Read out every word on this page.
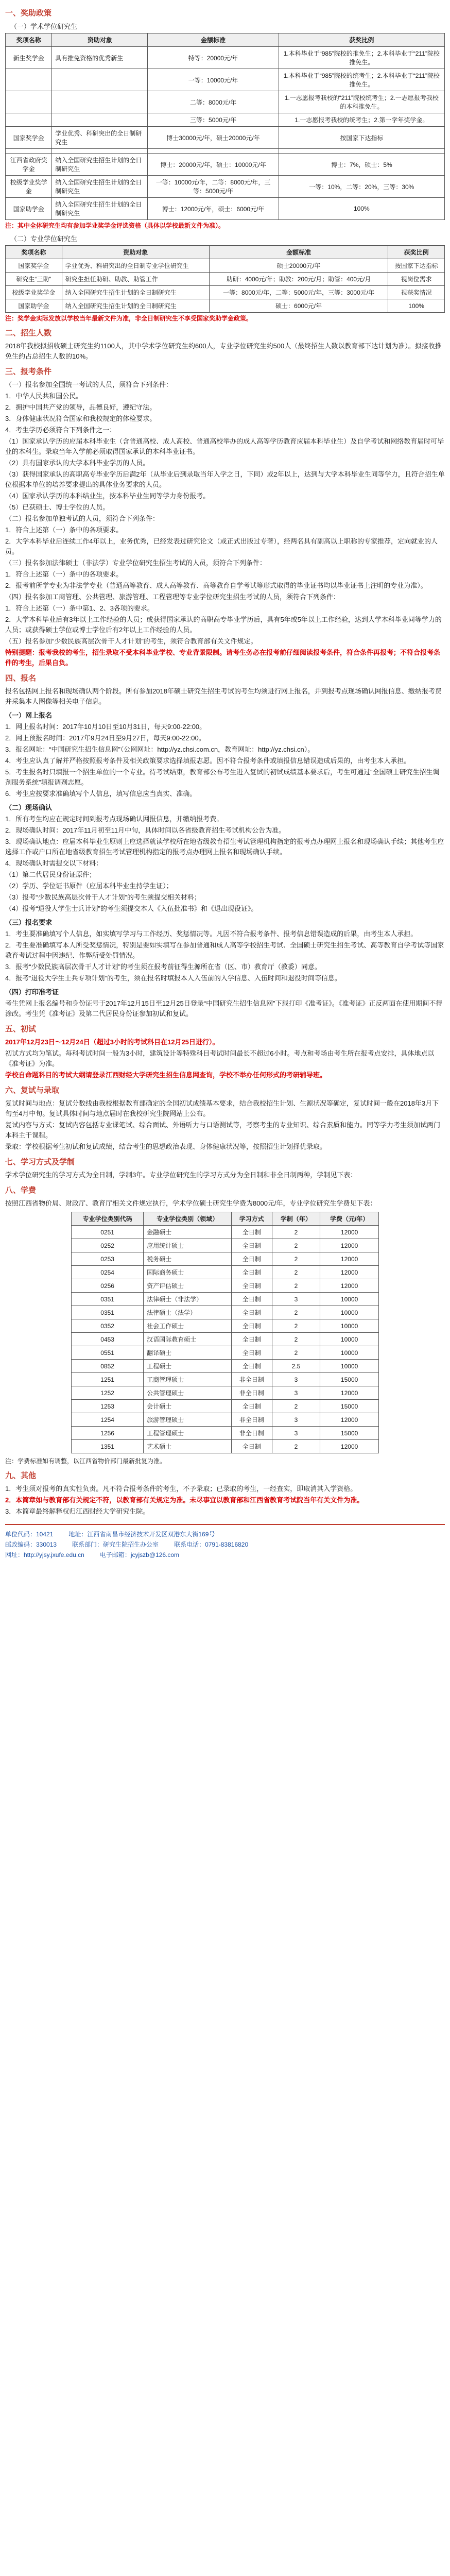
一、奖助政策
（一）学术学位研究生
奖项名称	资助对象	金额标准	获奖比例
新生奖学金	具有推免资格的优秀新生	特等：20000元/年	1.本科毕业于“985”院校的推免生；2.本科毕业于“211”院校推免生。
		一等：10000元/年	1.本科毕业于“985”院校的统考生；2.本科毕业于“211”院校推免生。
		二等：8000元/年	1.一志愿报考我校的“211”院校统考生；2.一志愿报考我校的本科推免生。
		三等：5000元/年	1.一志愿报考我校的统考生；2.第一学年奖学金。
国家奖学金	学业优秀、科研突出的全日制研究生	博士30000元/年，硕士20000元/年	按国家下达指标

江西省政府奖学金	纳入全国研究生招生计划的全日制研究生	博士：20000元/年，硕士：10000元/年	博士：7%，硕士：5%
校级学业奖学金	纳入全国研究生招生计划的全日制研究生	一等：10000元/年，二等：8000元/年，三等：5000元/年	一等：10%，二等：20%，三等：30%
国家助学金	纳入全国研究生招生计划的全日制研究生	博士：12000元/年，硕士：6000元/年	100%

注：其中全体研究生均有参加学业奖学金评选资格（具体以学校最新文件为准）。

（二）专业学位研究生
奖项名称	资助对象	金额标准	获奖比例
国家奖学金	学业优秀、科研突出的全日制专业学位研究生	硕士20000元/年	按国家下达指标
研究生“三助”	研究生担任助研、助教、助管工作	助研：4000元/年；助教：200元/月；助管：400元/月	视岗位需求
校级学业奖学金	纳入全国研究生招生计划的全日制研究生	一等：8000元/年，二等：5000元/年，三等：3000元/年	视获奖情况
国家助学金	纳入全国研究生招生计划的全日制研究生	硕士：6000元/年	100%

注：奖学金实际发放以学校当年最新文件为准，非全日制研究生不享受国家奖助学金政策。

二、招生人数

2018年我校拟招收硕士研究生约1100人，其中学术学位研究生约600人，专业学位研究生约500人（最终招生人数以教育部下达计划为准）。拟接收推免生约占总招生人数的10%。

三、报考条件

（一）报名参加全国统一考试的人员，须符合下列条件：

1．中华人民共和国公民。

2．拥护中国共产党的领导，品德良好，遵纪守法。

3．身体健康状况符合国家和我校规定的体检要求。

4．考生学历必须符合下列条件之一：

（1）国家承认学历的应届本科毕业生（含普通高校、成人高校、普通高校举办的成人高等学历教育应届本科毕业生）及自学考试和网络教育届时可毕业的本科生。录取当年入学前必须取得国家承认的本科毕业证书。

（2）具有国家承认的大学本科毕业学历的人员。

（3）获得国家承认的高职高专毕业学历后满2年（从毕业后到录取当年入学之日，下同）或2年以上，达到与大学本科毕业生同等学力，且符合招生单位根据本单位的培养要求提出的具体业务要求的人员。

（4）国家承认学历的本科结业生，按本科毕业生同等学力身份报考。

（5）已获硕士、博士学位的人员。

（二）报名参加单独考试的人员，须符合下列条件：

1．符合上述第（一）条中的各项要求。

2．大学本科毕业后连续工作4年以上，业务优秀，已经发表过研究论文（或正式出版过专著），经两名具有副高以上职称的专家推荐，定向就业的人员。

（三）报名参加法律硕士（非法学）专业学位研究生招生考试的人员，须符合下列条件：

1．符合上述第（一）条中的各项要求。

2．报考前所学专业为非法学专业（普通高等教育、成人高等教育、高等教育自学考试等形式取得的毕业证书均以毕业证书上注明的专业为准）。

（四）报名参加工商管理、公共管理、旅游管理、工程管理等专业学位研究生招生考试的人员，须符合下列条件：

1．符合上述第（一）条中第1、2、3各项的要求。

2．大学本科毕业后有3年以上工作经验的人员；或获得国家承认的高职高专毕业学历后，具有5年或5年以上工作经验，达到大学本科毕业同等学力的人员；或获得硕士学位或博士学位后有2年以上工作经验的人员。

（五）报名参加“少数民族高层次骨干人才计划”的考生，须符合教育部有关文件规定。

特别提醒：报考我校的考生，招生录取不受本科毕业学校、专业背景限制。请考生务必在报考前仔细阅读报考条件，符合条件再报考；不符合报考条件的考生，后果自负。

四、报名

报名包括网上报名和现场确认两个阶段。所有参加2018年硕士研究生招生考试的考生均须进行网上报名，并到报考点现场确认网报信息、缴纳报考费并采集本人图像等相关电子信息。

（一）网上报名

1．网上报名时间：2017年10月10日至10月31日，每天9:00-22:00。

2．网上预报名时间：2017年9月24日至9月27日，每天9:00-22:00。

3．报名网址：“中国研究生招生信息网”（公网网址：http://yz.chsi.com.cn，教育网址：http://yz.chsi.cn）。

4．考生应认真了解并严格按照报考条件及相关政策要求选择填报志愿。因不符合报考条件或填报信息错误造成后果的，由考生本人承担。

5．考生报名时只填报一个招生单位的一个专业。待考试结束，教育部公布考生进入复试的初试成绩基本要求后，考生可通过“全国硕士研究生招生调剂服务系统”填报调剂志愿。

6．考生应按要求准确填写个人信息，填写信息应当真实、准确。

（二）现场确认

1．所有考生均应在规定时间到报考点现场确认网报信息，并缴纳报考费。

2．现场确认时间：2017年11月初至11月中旬，具体时间以各省级教育招生考试机构公告为准。

3．现场确认地点：应届本科毕业生原则上应选择就读学校所在地省级教育招生考试管理机构指定的报考点办理网上报名和现场确认手续；其他考生应选择工作或户口所在地省级教育招生考试管理机构指定的报考点办理网上报名和现场确认手续。

4．现场确认时需提交以下材料：

（1）第二代居民身份证原件；

（2）学历、学位证书原件（应届本科毕业生持学生证）；

（3）报考“少数民族高层次骨干人才计划”的考生须提交相关材料；

（4）报考“退役大学生士兵计划”的考生须提交本人《入伍批准书》和《退出现役证》。

（三）报名要求

1．考生要准确填写个人信息，如实填写学习与工作经历、奖惩情况等。凡因不符合报考条件、报考信息错误造成的后果，由考生本人承担。

2．考生要准确填写本人所受奖惩情况，特别是要如实填写在参加普通和成人高等学校招生考试、全国硕士研究生招生考试、高等教育自学考试等国家教育考试过程中因违纪、作弊所受处罚情况。

3．报考“少数民族高层次骨干人才计划”的考生须在报考前征得生源所在省（区、市）教育厅（教委）同意。

4．报考“退役大学生士兵专项计划”的考生，须在报名时填报本人入伍前的入学信息、入伍时间和退役时间等信息。

（四）打印准考证

考生凭网上报名编号和身份证号于2017年12月15日至12月25日登录“中国研究生招生信息网”下载打印《准考证》。《准考证》正反两面在使用期间不得涂改。考生凭《准考证》及第二代居民身份证参加初试和复试。

五、初试

2017年12月23日～12月24日（超过3小时的考试科目在12月25日进行）。

初试方式均为笔试。每科考试时间一般为3小时，建筑设计等特殊科目考试时间最长不超过6小时。考点和考场由考生所在报考点安排，具体地点以《准考证》为准。

学校自命题科目的考试大纲请登录江西财经大学研究生招生信息网查询，学校不举办任何形式的考研辅导班。

六、复试与录取

复试时间与地点：复试分数线由我校根据教育部确定的全国初试成绩基本要求，结合我校招生计划、生源状况等确定，复试时间一般在2018年3月下旬至4月中旬。复试具体时间与地点届时在我校研究生院网站上公布。

复试内容与方式：复试内容包括专业课笔试、综合面试、外语听力与口语测试等，考察考生的专业知识、综合素质和能力。同等学力考生须加试两门本科主干课程。

录取：学校根据考生初试和复试成绩，结合考生的思想政治表现、身体健康状况等，按照招生计划择优录取。

七、学习方式及学制

学术学位研究生的学习方式为全日制，学制3年。专业学位研究生的学习方式分为全日制和非全日制两种，学制见下表：

八、学费

按照江西省物价局、财政厅、教育厅相关文件规定执行，学术学位硕士研究生学费为8000元/年，专业学位研究生学费见下表：

专业学位类别代码	专业学位类别（领域）	学习方式	学制（年）	学费（元/年）
0251	金融硕士	全日制	2	12000
0252	应用统计硕士	全日制	2	12000
0253	税务硕士	全日制	2	12000
0254	国际商务硕士	全日制	2	12000
0256	资产评估硕士	全日制	2	12000
0351	法律硕士（非法学）	全日制	3	10000
0351	法律硕士（法学）	全日制	2	10000
0352	社会工作硕士	全日制	2	10000
0453	汉语国际教育硕士	全日制	2	10000
0551	翻译硕士	全日制	2	10000
0852	工程硕士	全日制	2.5	10000
1251	工商管理硕士	非全日制	3	15000
1252	公共管理硕士	非全日制	3	12000
1253	会计硕士	全日制	2	15000
1254	旅游管理硕士	非全日制	3	12000
1256	工程管理硕士	非全日制	3	15000
1351	艺术硕士	全日制	2	12000

注：学费标准如有调整，以江西省物价部门最新批复为准。

九、其他

1．考生须对报考的真实性负责。凡不符合报考条件的考生，不予录取；已录取的考生，一经查实，即取消其入学资格。

2．本简章如与教育部有关规定不符，以教育部有关规定为准。未尽事宜以教育部和江西省教育考试院当年有关文件为准。

3．本简章最终解释权归江西财经大学研究生院。

单位代码：10421	地址：江西省南昌市经济技术开发区双港东大街169号
邮政编码：330013	联系部门：研究生院招生办公室	联系电话：0791-83816820
网址：http://yjsy.jxufe.edu.cn	电子邮箱：jcyjszb@126.com
